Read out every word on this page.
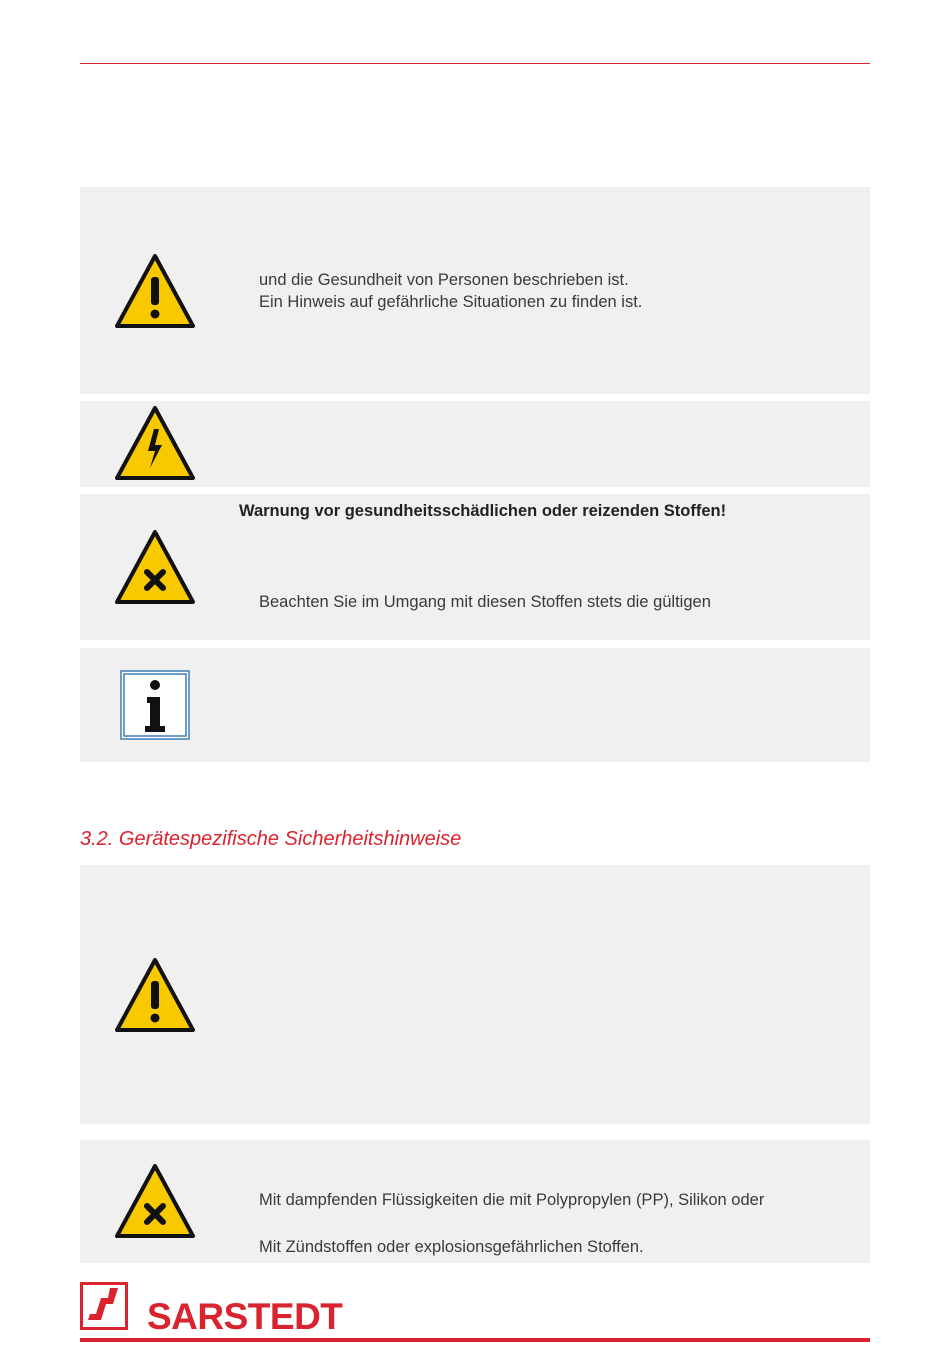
und die Gesundheit von Personen beschrieben ist.
Ein Hinweis auf gefährliche Situationen zu finden ist.
Warnung vor gesundheitsschädlichen oder reizenden Stoffen!
Beachten Sie im Umgang mit diesen Stoffen stets die gültigen
3.2. Gerätespezifische Sicherheitshinweise
Mit dampfenden Flüssigkeiten die mit Polypropylen (PP), Silikon oder
Mit Zündstoffen oder explosionsgefährlichen Stoffen.
SARSTEDT
